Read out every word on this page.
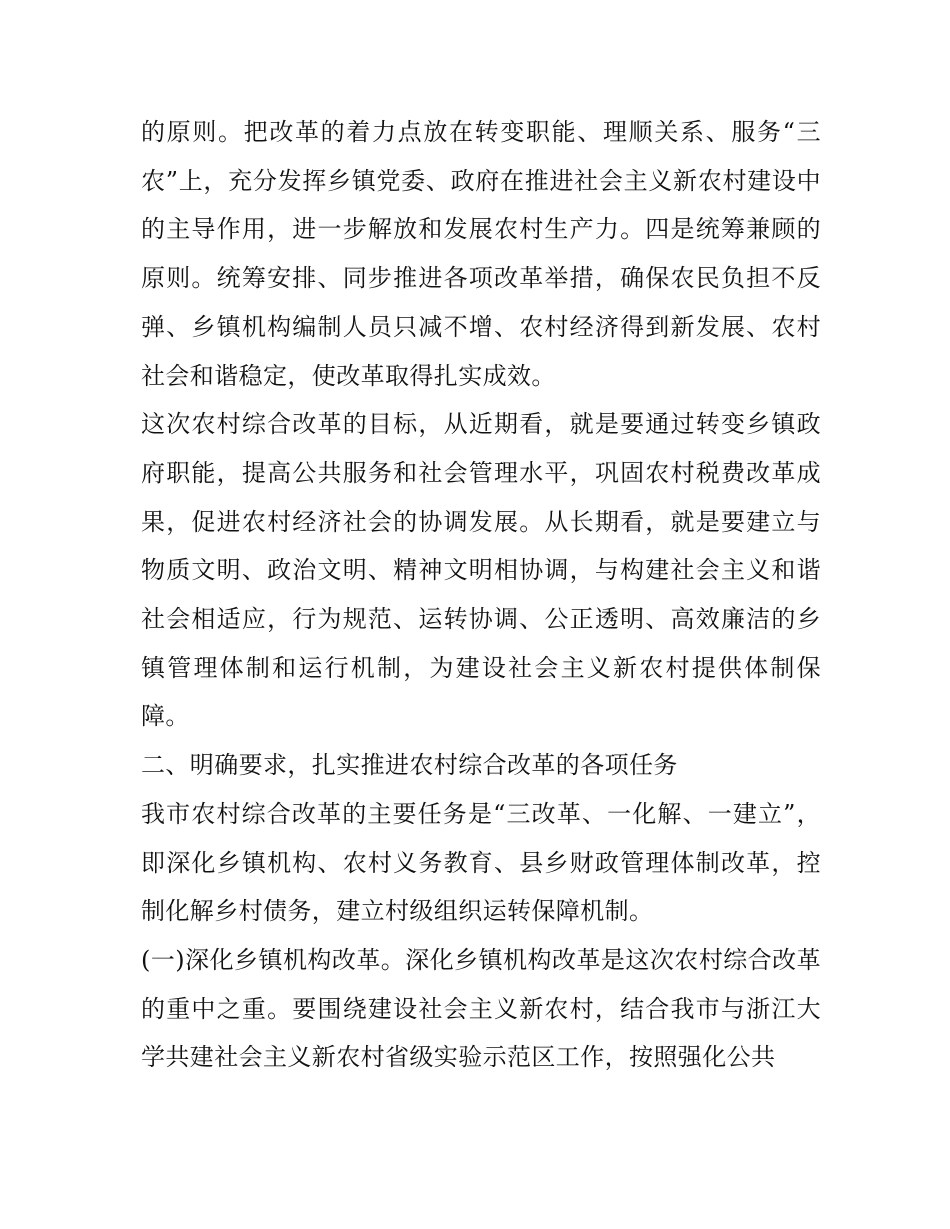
的原则。把改革的着力点放在转变职能、理顺关系、服务“三农”上，充分发挥乡镇党委、政府在推进社会主义新农村建设中的主导作用，进一步解放和发展农村生产力。四是统筹兼顾的原则。统筹安排、同步推进各项改革举措，确保农民负担不反弹、乡镇机构编制人员只减不增、农村经济得到新发展、农村社会和谐稳定，使改革取得扎实成效。

这次农村综合改革的目标，从近期看，就是要通过转变乡镇政府职能，提高公共服务和社会管理水平，巩固农村税费改革成果，促进农村经济社会的协调发展。从长期看，就是要建立与物质文明、政治文明、精神文明相协调，与构建社会主义和谐社会相适应，行为规范、运转协调、公正透明、高效廉洁的乡镇管理体制和运行机制，为建设社会主义新农村提供体制保障。

二、明确要求，扎实推进农村综合改革的各项任务

我市农村综合改革的主要任务是“三改革、一化解、一建立”，即深化乡镇机构、农村义务教育、县乡财政管理体制改革，控制化解乡村债务，建立村级组织运转保障机制。

(一)深化乡镇机构改革。深化乡镇机构改革是这次农村综合改革的重中之重。要围绕建设社会主义新农村，结合我市与浙江大学共建社会主义新农村省级实验示范区工作，按照强化公共
